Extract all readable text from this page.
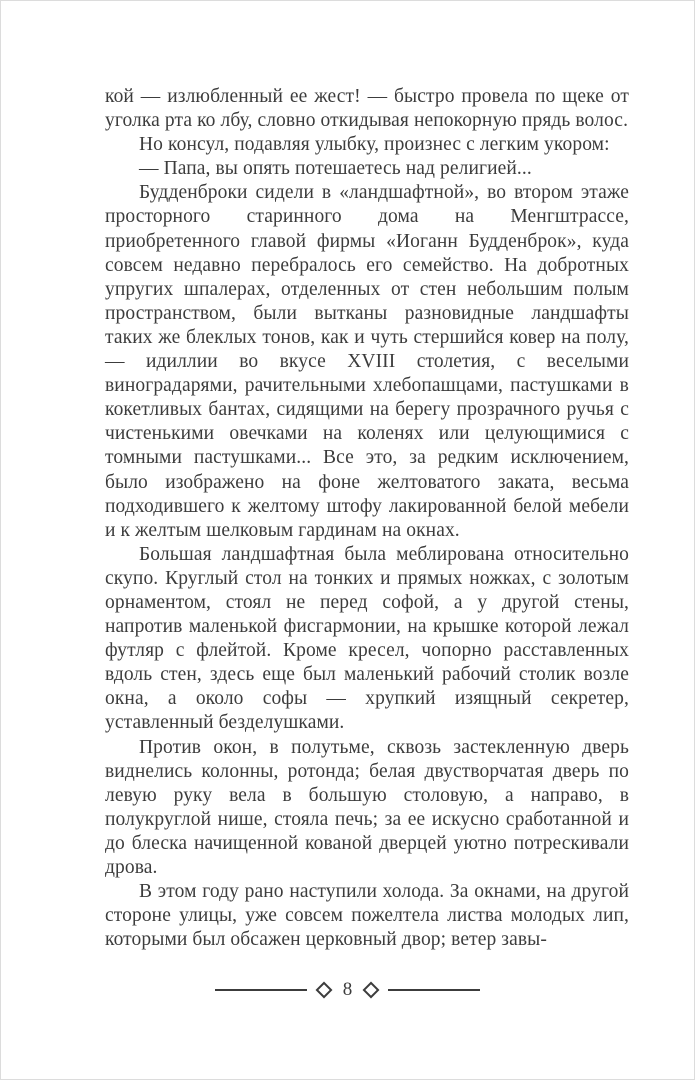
кой — излюбленный ее жест! — быстро провела по щеке от уголка рта ко лбу, словно откидывая непокорную прядь волос.

Но консул, подавляя улыбку, произнес с легким укором:

— Папа, вы опять потешаетесь над религией...

Будденброки сидели в «ландшафтной», во втором этаже просторного старинного дома на Менгштрассе, приобретенного главой фирмы «Иоганн Будденброк», куда совсем недавно перебралось его семейство. На добротных упругих шпалерах, отделенных от стен небольшим полым пространством, были вытканы разновидные ландшафты таких же блеклых тонов, как и чуть стершийся ковер на полу, — идиллии во вкусе XVIII столетия, с веселыми виноградарями, рачительными хлебопашцами, пастушками в кокетливых бантах, сидящими на берегу прозрачного ручья с чистенькими овечками на коленях или целующимися с томными пастушками... Все это, за редким исключением, было изображено на фоне желтоватого заката, весьма подходившего к желтому штофу лакированной белой мебели и к желтым шелковым гардинам на окнах.

Большая ландшафтная была меблирована относительно скупо. Круглый стол на тонких и прямых ножках, с золотым орнаментом, стоял не перед софой, а у другой стены, напротив маленькой фисгармонии, на крышке которой лежал футляр с флейтой. Кроме кресел, чопорно расставленных вдоль стен, здесь еще был маленький рабочий столик возле окна, а около софы — хрупкий изящный секретер, уставленный безделушками.

Против окон, в полутьме, сквозь застекленную дверь виднелись колонны, ротонда; белая двустворчатая дверь по левую руку вела в большую столовую, а направо, в полукруглой нише, стояла печь; за ее искусно сработанной и до блеска начищенной кованой дверцей уютно потрескивали дрова.

В этом году рано наступили холода. За окнами, на другой стороне улицы, уже совсем пожелтела листва молодых лип, которыми был обсажен церковный двор; ветер завы-

8
